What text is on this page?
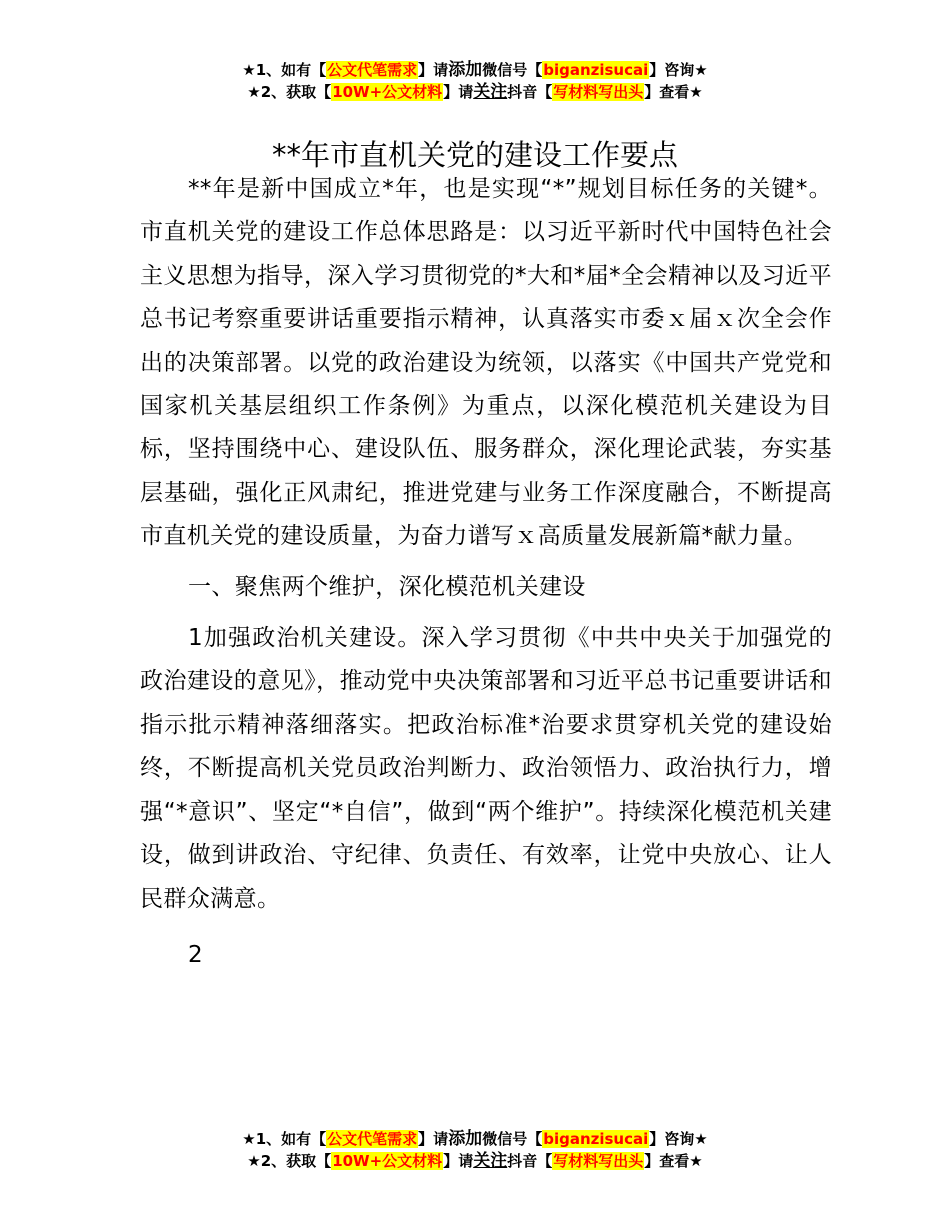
★1、如有【公文代笔需求】请添加微信号【biganzisucai】咨询★
★2、获取【10W+公文材料】请关注抖音【写材料写出头】查看★
**年市直机关党的建设工作要点

**年是新中国成立*年，也是实现“*”规划目标任务的关键*。市直机关党的建设工作总体思路是：以习近平新时代中国特色社会主义思想为指导，深入学习贯彻党的*大和*届*全会精神以及习近平总书记考察重要讲话重要指示精神，认真落实市委ｘ届ｘ次全会作出的决策部署。以党的政治建设为统领，以落实《中国共产党党和国家机关基层组织工作条例》为重点，以深化模范机关建设为目标，坚持围绕中心、建设队伍、服务群众，深化理论武装，夯实基层基础，强化正风肃纪，推进党建与业务工作深度融合，不断提高市直机关党的建设质量，为奋力谱写ｘ高质量发展新篇*献力量。

一、聚焦两个维护，深化模范机关建设

1加强政治机关建设。深入学习贯彻《中共中央关于加强党的政治建设的意见》，推动党中央决策部署和习近平总书记重要讲话和指示批示精神落细落实。把政治标准*治要求贯穿机关党的建设始终，不断提高机关党员政治判断力、政治领悟力、政治执行力，增强“*意识”、坚定“*自信”，做到“两个维护”。持续深化模范机关建设，做到讲政治、守纪律、负责任、有效率，让党中央放心、让人民群众满意。

2

★1、如有【公文代笔需求】请添加微信号【biganzisucai】咨询★
★2、获取【10W+公文材料】请关注抖音【写材料写出头】查看★
